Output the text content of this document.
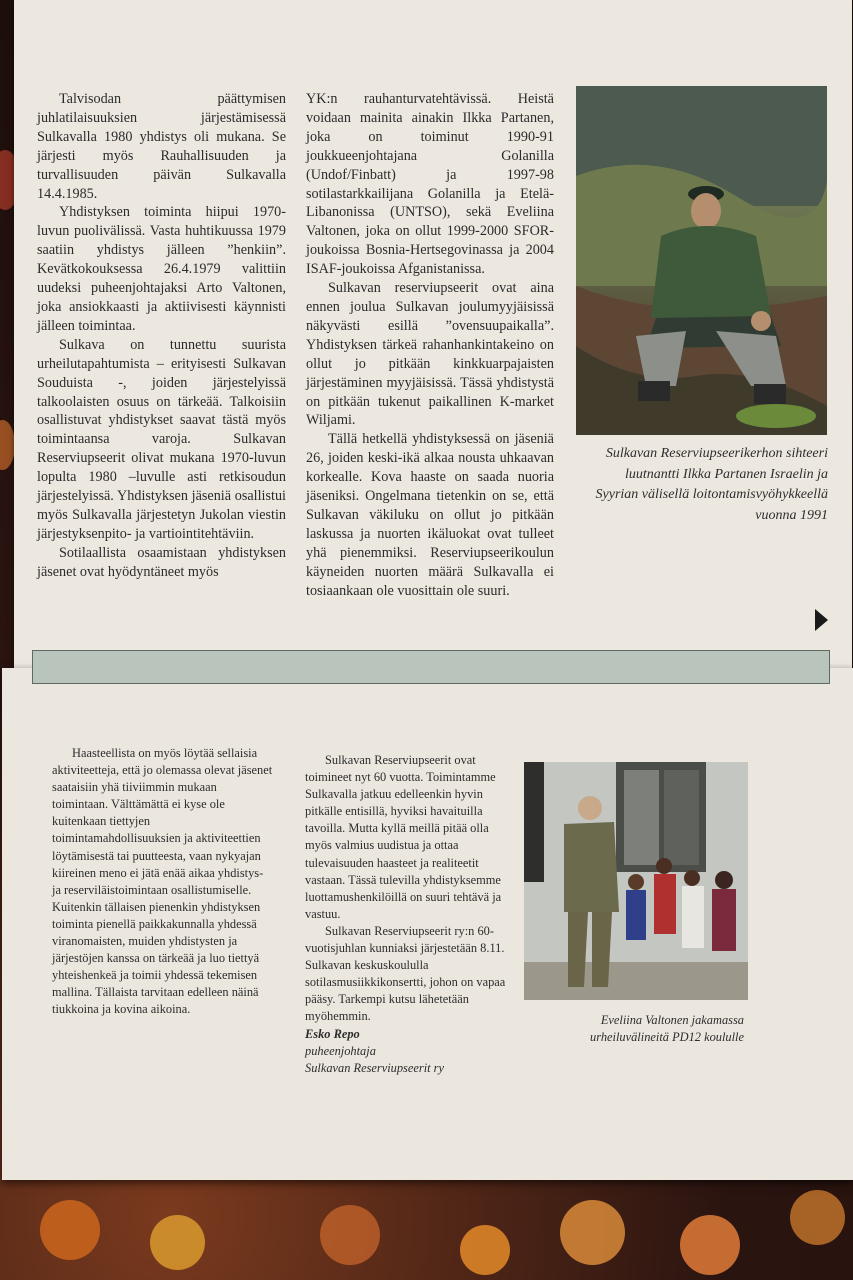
Talvisodan päättymisen juhlatilaisuuksien järjestämisessä Sulkavalla 1980 yhdistys oli mukana. Se järjesti myös Rauhallisuuden ja turvallisuuden päivän Sulkavalla 14.4.1985.

Yhdistyksen toiminta hiipui 1970-luvun puolivälissä. Vasta huhtikuussa 1979 saatiin yhdistys jälleen ”henkiin”. Kevätkokouksessa 26.4.1979 valittiin uudeksi puheenjohtajaksi Arto Valtonen, joka ansiokkaasti ja aktiivisesti käynnisti jälleen toimintaa.

Sulkava on tunnettu suurista urheilutapahtumista – erityisesti Sulkavan Souduista -, joiden järjestelyissä talkoolaisten osuus on tärkeää. Talkoisiin osallistuvat yhdistykset saavat tästä myös toimintaansa varoja. Sulkavan Reserviupseerit olivat mukana 1970-luvun lopulta 1980 –luvulle asti retkisoudun järjestelyissä. Yhdistyksen jäseniä osallistui myös Sulkavalla järjestetyn Jukolan viestin järjestyksenpito- ja vartiointitehtäviin.

Sotilaallista osaamistaan yhdistyksen jäsenet ovat hyödyntäneet myös

YK:n rauhanturvatehtävissä. Heistä voidaan mainita ainakin Ilkka Partanen, joka on toiminut 1990-91 joukkueenjohtajana Golanilla (Undof/Finbatt) ja 1997-98 sotilastarkkailijana Golanilla ja Etelä-Libanonissa (UNTSO), sekä Eveliina Valtonen, joka on ollut 1999-2000 SFOR-joukoissa Bosnia-Hertsegovinassa ja 2004 ISAF-joukoissa Afganistanissa.

Sulkavan reserviupseerit ovat aina ennen joulua Sulkavan joulumyyjäisissä näkyvästi esillä ”ovensuupaikalla”. Yhdistyksen tärkeä rahanhankintakeino on ollut jo pitkään kinkkuarpajaisten järjestäminen myyjäisissä. Tässä yhdistystä on pitkään tukenut paikallinen K-market Wiljami.

Tällä hetkellä yhdistyksessä on jäseniä 26, joiden keski-ikä alkaa nousta uhkaavan korkealle. Kova haaste on saada nuoria jäseniksi. Ongelmana tietenkin on se, että Sulkavan väkiluku on ollut jo pitkään laskussa ja nuorten ikäluokat ovat tulleet yhä pienemmiksi. Reserviupseerikoulun käyneiden nuorten määrä Sulkavalla ei tosiaankaan ole vuosittain ole suuri.

Sulkavan Reserviupseerikerhon sihteeri luutnantti Ilkka Partanen Israelin ja Syyrian välisellä loitontamisvyöhykkeellä vuonna 1991

Haasteellista on myös löytää sellaisia aktiviteetteja, että jo olemassa olevat jäsenet saataisiin yhä tiiviimmin mukaan toimintaan. Välttämättä ei kyse ole kuitenkaan tiettyjen toimintamahdollisuuksien ja aktiviteettien löytämisestä tai puutteesta, vaan nykyajan kiireinen meno ei jätä enää aikaa yhdistys- ja reserviläistoimintaan osallistumiselle. Kuitenkin tällaisen pienenkin yhdistyksen toiminta pienellä paikkakunnalla yhdessä viranomaisten, muiden yhdistysten ja järjestöjen kanssa on tärkeää ja luo tiettyä yhteishenkeä ja toimii yhdessä tekemisen mallina. Tällaista tarvitaan edelleen näinä tiukkoina ja kovina aikoina.

Sulkavan Reserviupseerit ovat toimineet nyt 60 vuotta. Toimintamme Sulkavalla jatkuu edelleenkin hyvin pitkälle entisillä, hyviksi havaituilla tavoilla. Mutta kyllä meillä pitää olla myös valmius uudistua ja ottaa tulevaisuuden haasteet ja realiteetit vastaan. Tässä tulevilla yhdistyksemme luottamushenkilöillä on suuri tehtävä ja vastuu.

Sulkavan Reserviupseerit ry:n 60-vuotisjuhlan kunniaksi järjestetään 8.11. Sulkavan keskuskoululla sotilasmusiikkikonsertti, johon on vapaa pääsy. Tarkempi kutsu lähetetään myöhemmin.

Esko Repo

puheenjohtaja

Sulkavan Reserviupseerit ry

Eveliina Valtonen jakamassa urheiluvälineitä PD12 koululle
